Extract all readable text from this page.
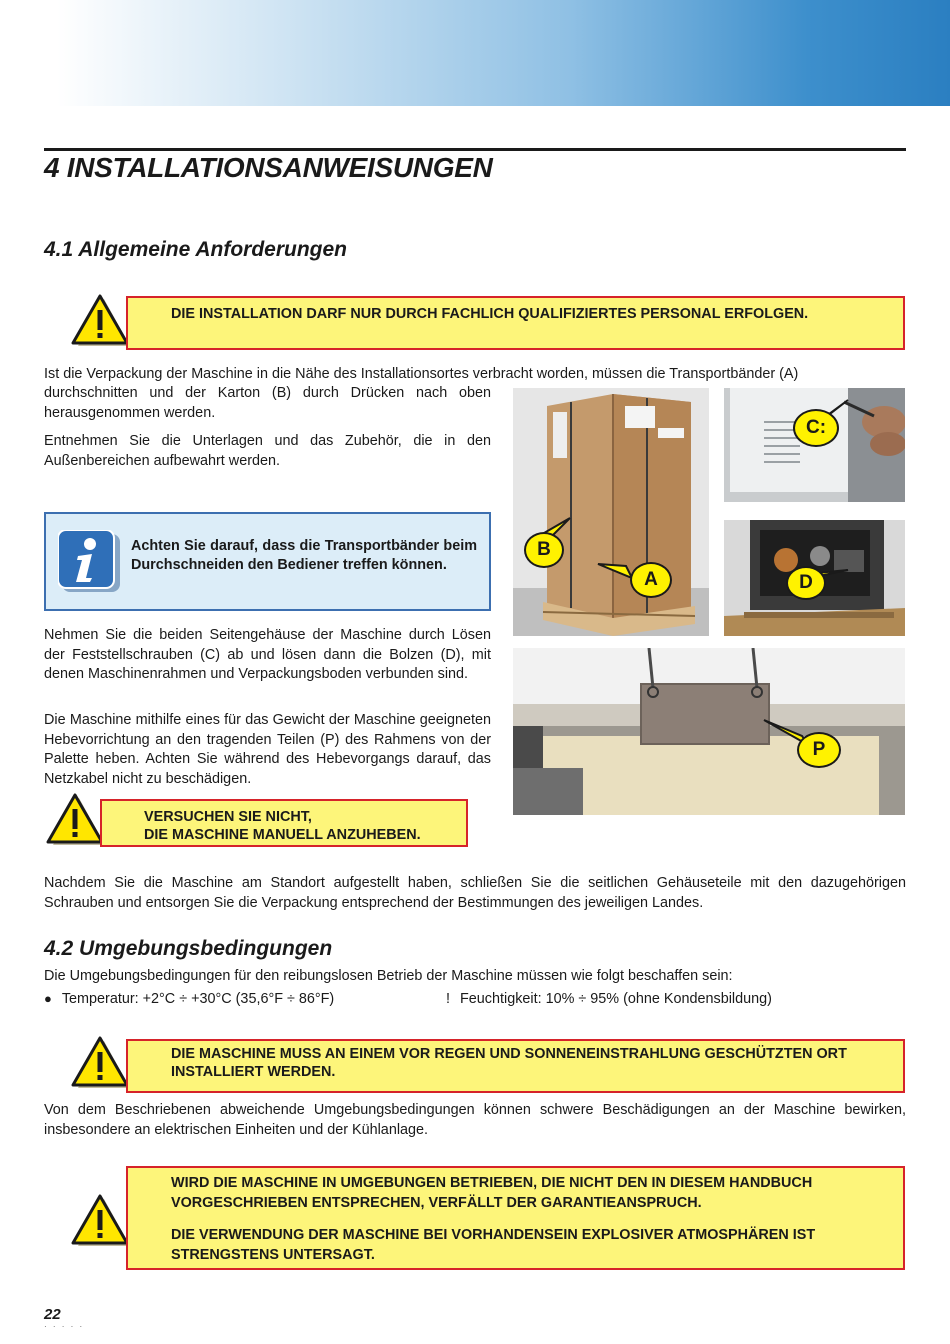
4 INSTALLATIONSANWEISUNGEN
4.1 Allgemeine Anforderungen
DIE INSTALLATION DARF NUR DURCH FACHLICH QUALIFIZIERTES PERSONAL ERFOLGEN.

Ist die Verpackung der Maschine in die Nähe des Installationsortes verbracht worden, müssen die Transportbänder (A)

durchschnitten und der Karton (B) durch Drücken nach oben herausgenommen werden.

Entnehmen Sie die Unterlagen und das Zubehör, die in den Außenbereichen aufbewahrt werden.

C:
Achten Sie darauf, dass die Transportbänder beim Durchschneiden den Bediener treffen können.
D
B
A

Nehmen Sie die beiden Seitengehäuse der Maschine durch Lösen der Feststellschrauben (C) ab und lösen dann die Bolzen (D), mit denen Maschinenrahmen und Verpackungsboden verbunden sind.

Die Maschine mithilfe eines für das Gewicht der Maschine geeigneten Hebevorrichtung an den tragenden Teilen (P) des Rahmens von der Palette heben. Achten Sie während des Hebevorgangs darauf, das Netzkabel nicht zu beschädigen.

P
VERSUCHEN SIE NICHT,
DIE MASCHINE MANUELL ANZUHEBEN.

Nachdem Sie die Maschine am Standort aufgestellt haben, schließen Sie die seitlichen Gehäuseteile mit den dazugehörigen Schrauben und entsorgen Sie die Verpackung entsprechend der Bestimmungen des jeweiligen Landes.

4.2 Umgebungsbedingungen

Die Umgebungsbedingungen für den reibungslosen Betrieb der Maschine müssen wie folgt beschaffen sein:

● Temperatur: +2°C ÷ +30°C (35,6°F ÷ 86°F)	! Feuchtigkeit: 10% ÷ 95% (ohne Kondensbildung)
DIE MASCHINE MUSS AN EINEM VOR REGEN UND SONNENEINSTRAHLUNG GESCHÜTZTEN ORT INSTALLIERT WERDEN.

Von dem Beschriebenen abweichende Umgebungsbedingungen können schwere Beschädigungen an der Maschine bewirken, insbesondere an elektrischen Einheiten und der Kühlanlage.

WIRD DIE MASCHINE IN UMGEBUNGEN BETRIEBEN, DIE NICHT DEN IN DIESEM HANDBUCH VORGESCHRIEBEN ENTSPRECHEN, VERFÄLLT DER GARANTIEANSPRUCH.
DIE VERWENDUNG DER MASCHINE BEI VORHANDENSEIN EXPLOSIVER ATMOSPHÄREN IST STRENGSTENS UNTERSAGT.
22
· · · · ·
